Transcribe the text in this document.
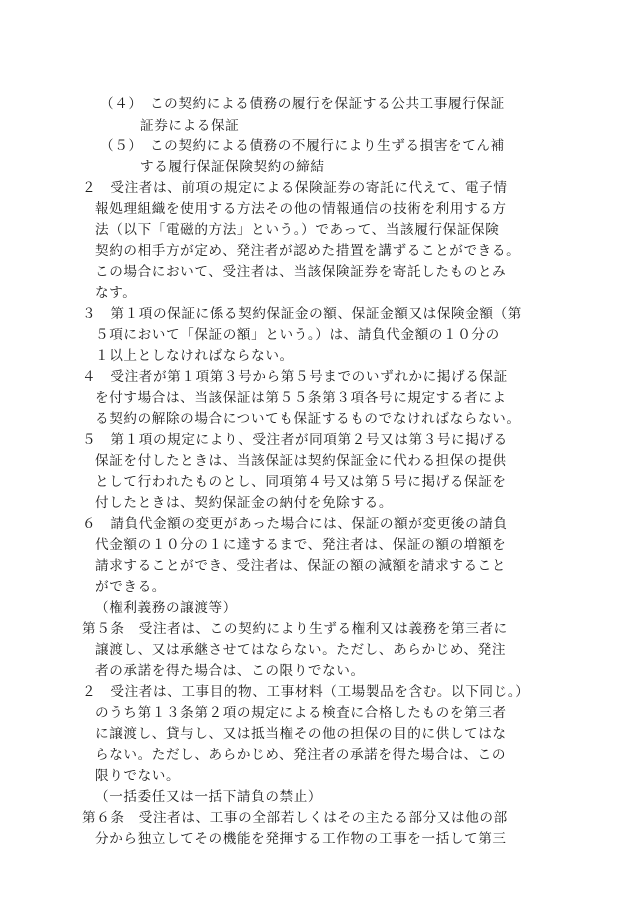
（４）　この契約による債務の履行を保証する公共工事履行保証
証券による保証
（５）　この契約による債務の不履行により生ずる損害をてん補
する履行保証保険契約の締結
２　受注者は、前項の規定による保険証券の寄託に代えて、電子情
報処理組織を使用する方法その他の情報通信の技術を利用する方
法（以下「電磁的方法」という。）であって、当該履行保証保険
契約の相手方が定め、発注者が認めた措置を講ずることができる。
この場合において、受注者は、当該保険証券を寄託したものとみ
なす。
３　第１項の保証に係る契約保証金の額、保証金額又は保険金額（第
５項において「保証の額」という。）は、請負代金額の１０分の
１以上としなければならない。
４　受注者が第１項第３号から第５号までのいずれかに掲げる保証
を付す場合は、当該保証は第５５条第３項各号に規定する者によ
る契約の解除の場合についても保証するものでなければならない。
５　第１項の規定により、受注者が同項第２号又は第３号に掲げる
保証を付したときは、当該保証は契約保証金に代わる担保の提供
として行われたものとし、同項第４号又は第５号に掲げる保証を
付したときは、契約保証金の納付を免除する。
６　請負代金額の変更があった場合には、保証の額が変更後の請負
代金額の１０分の１に達するまで、発注者は、保証の額の増額を
請求することができ、受注者は、保証の額の減額を請求すること
ができる。
（権利義務の譲渡等）
第５条　受注者は、この契約により生ずる権利又は義務を第三者に
譲渡し、又は承継させてはならない。ただし、あらかじめ、発注
者の承諾を得た場合は、この限りでない。
２　受注者は、工事目的物、工事材料（工場製品を含む。以下同じ。）
のうち第１３条第２項の規定による検査に合格したものを第三者
に譲渡し、貸与し、又は抵当権その他の担保の目的に供してはな
らない。ただし、あらかじめ、発注者の承諾を得た場合は、この
限りでない。
（一括委任又は一括下請負の禁止）
第６条　受注者は、工事の全部若しくはその主たる部分又は他の部
分から独立してその機能を発揮する工作物の工事を一括して第三
